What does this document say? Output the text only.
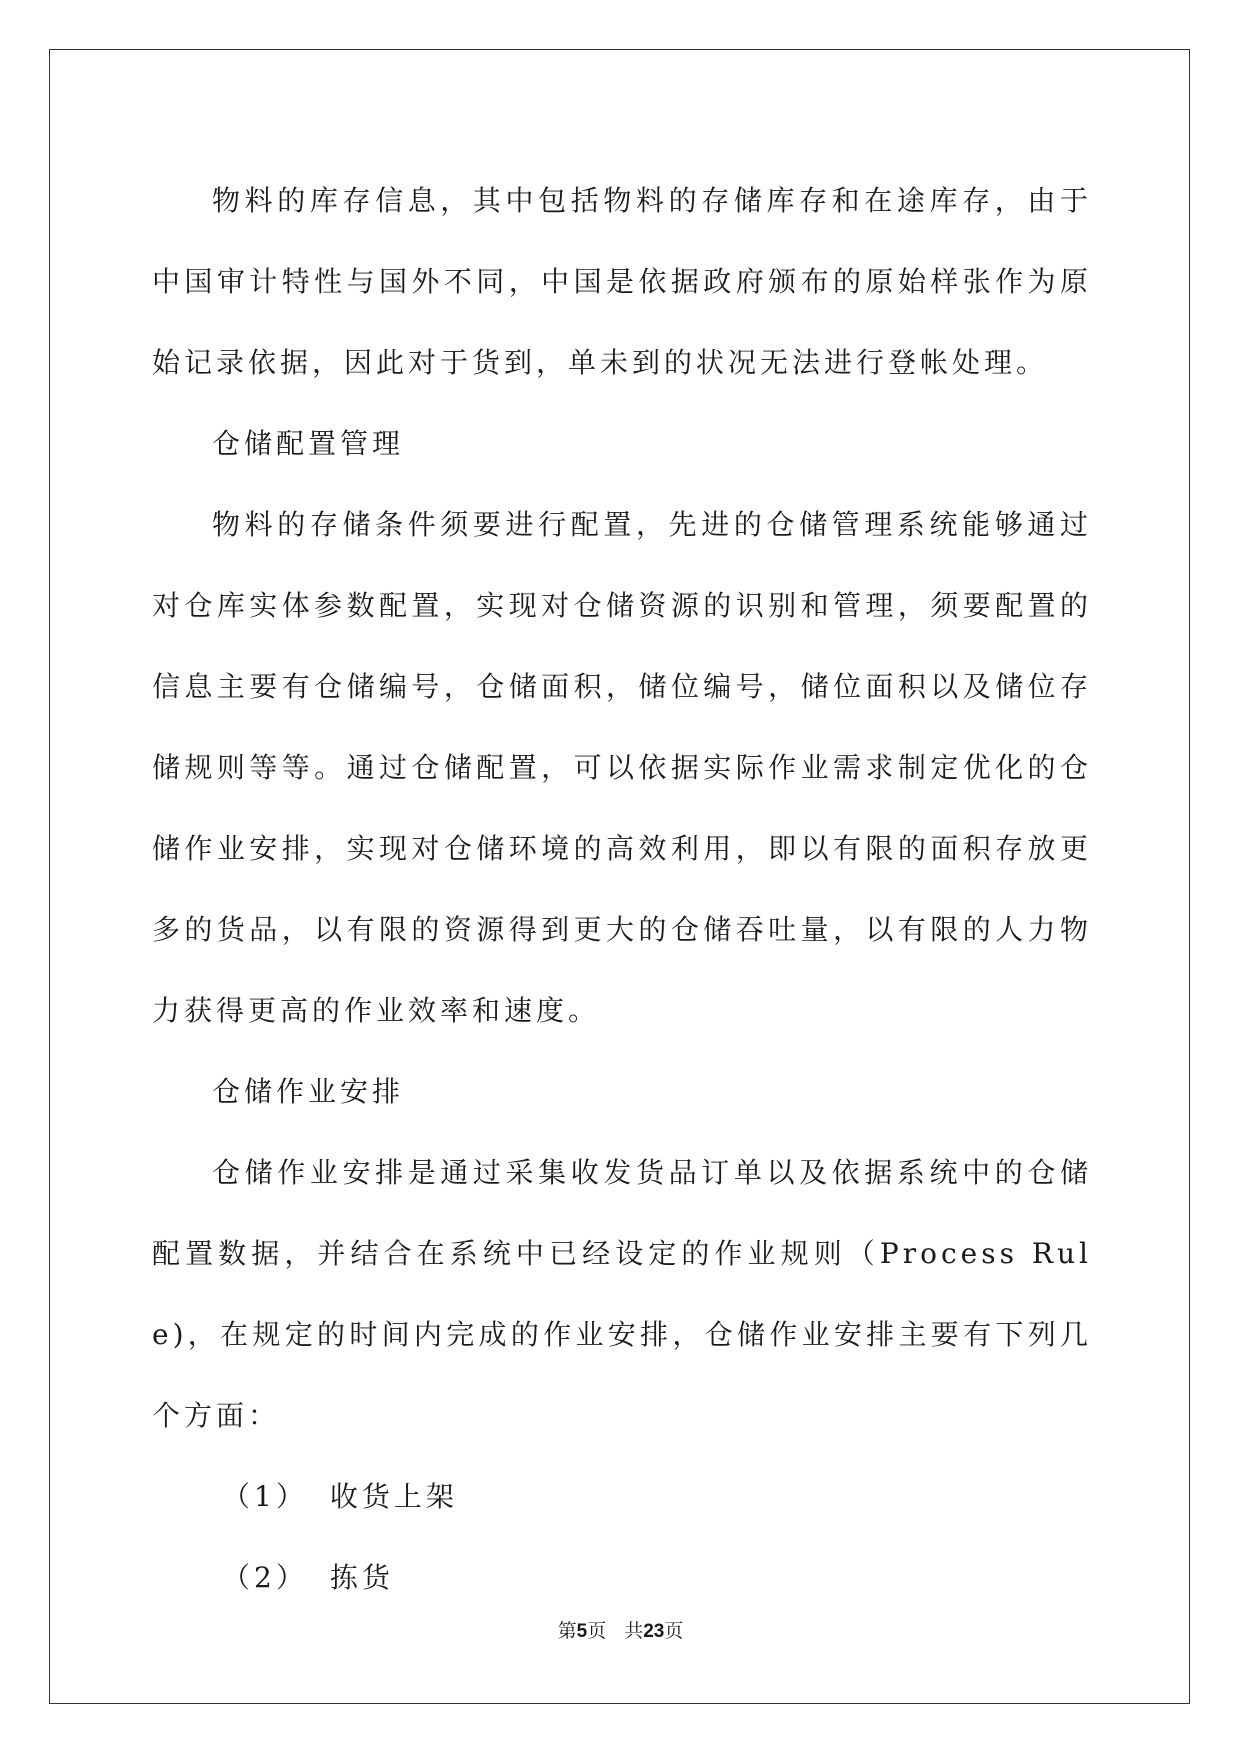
物料的库存信息，其中包括物料的存储库存和在途库存，由于中国审计特性与国外不同，中国是依据政府颁布的原始样张作为原始记录依据，因此对于货到，单未到的状况无法进行登帐处理。

仓储配置管理

物料的存储条件须要进行配置，先进的仓储管理系统能够通过对仓库实体参数配置，实现对仓储资源的识别和管理，须要配置的信息主要有仓储编号，仓储面积，储位编号，储位面积以及储位存储规则等等。通过仓储配置，可以依据实际作业需求制定优化的仓储作业安排，实现对仓储环境的高效利用，即以有限的面积存放更多的货品，以有限的资源得到更大的仓储吞吐量，以有限的人力物力获得更高的作业效率和速度。

仓储作业安排

仓储作业安排是通过采集收发货品订单以及依据系统中的仓储配置数据，并结合在系统中已经设定的作业规则（Process Rule)，在规定的时间内完成的作业安排，仓储作业安排主要有下列几个方面：

（1） 收货上架
（2） 拣货
第5页 共23页
